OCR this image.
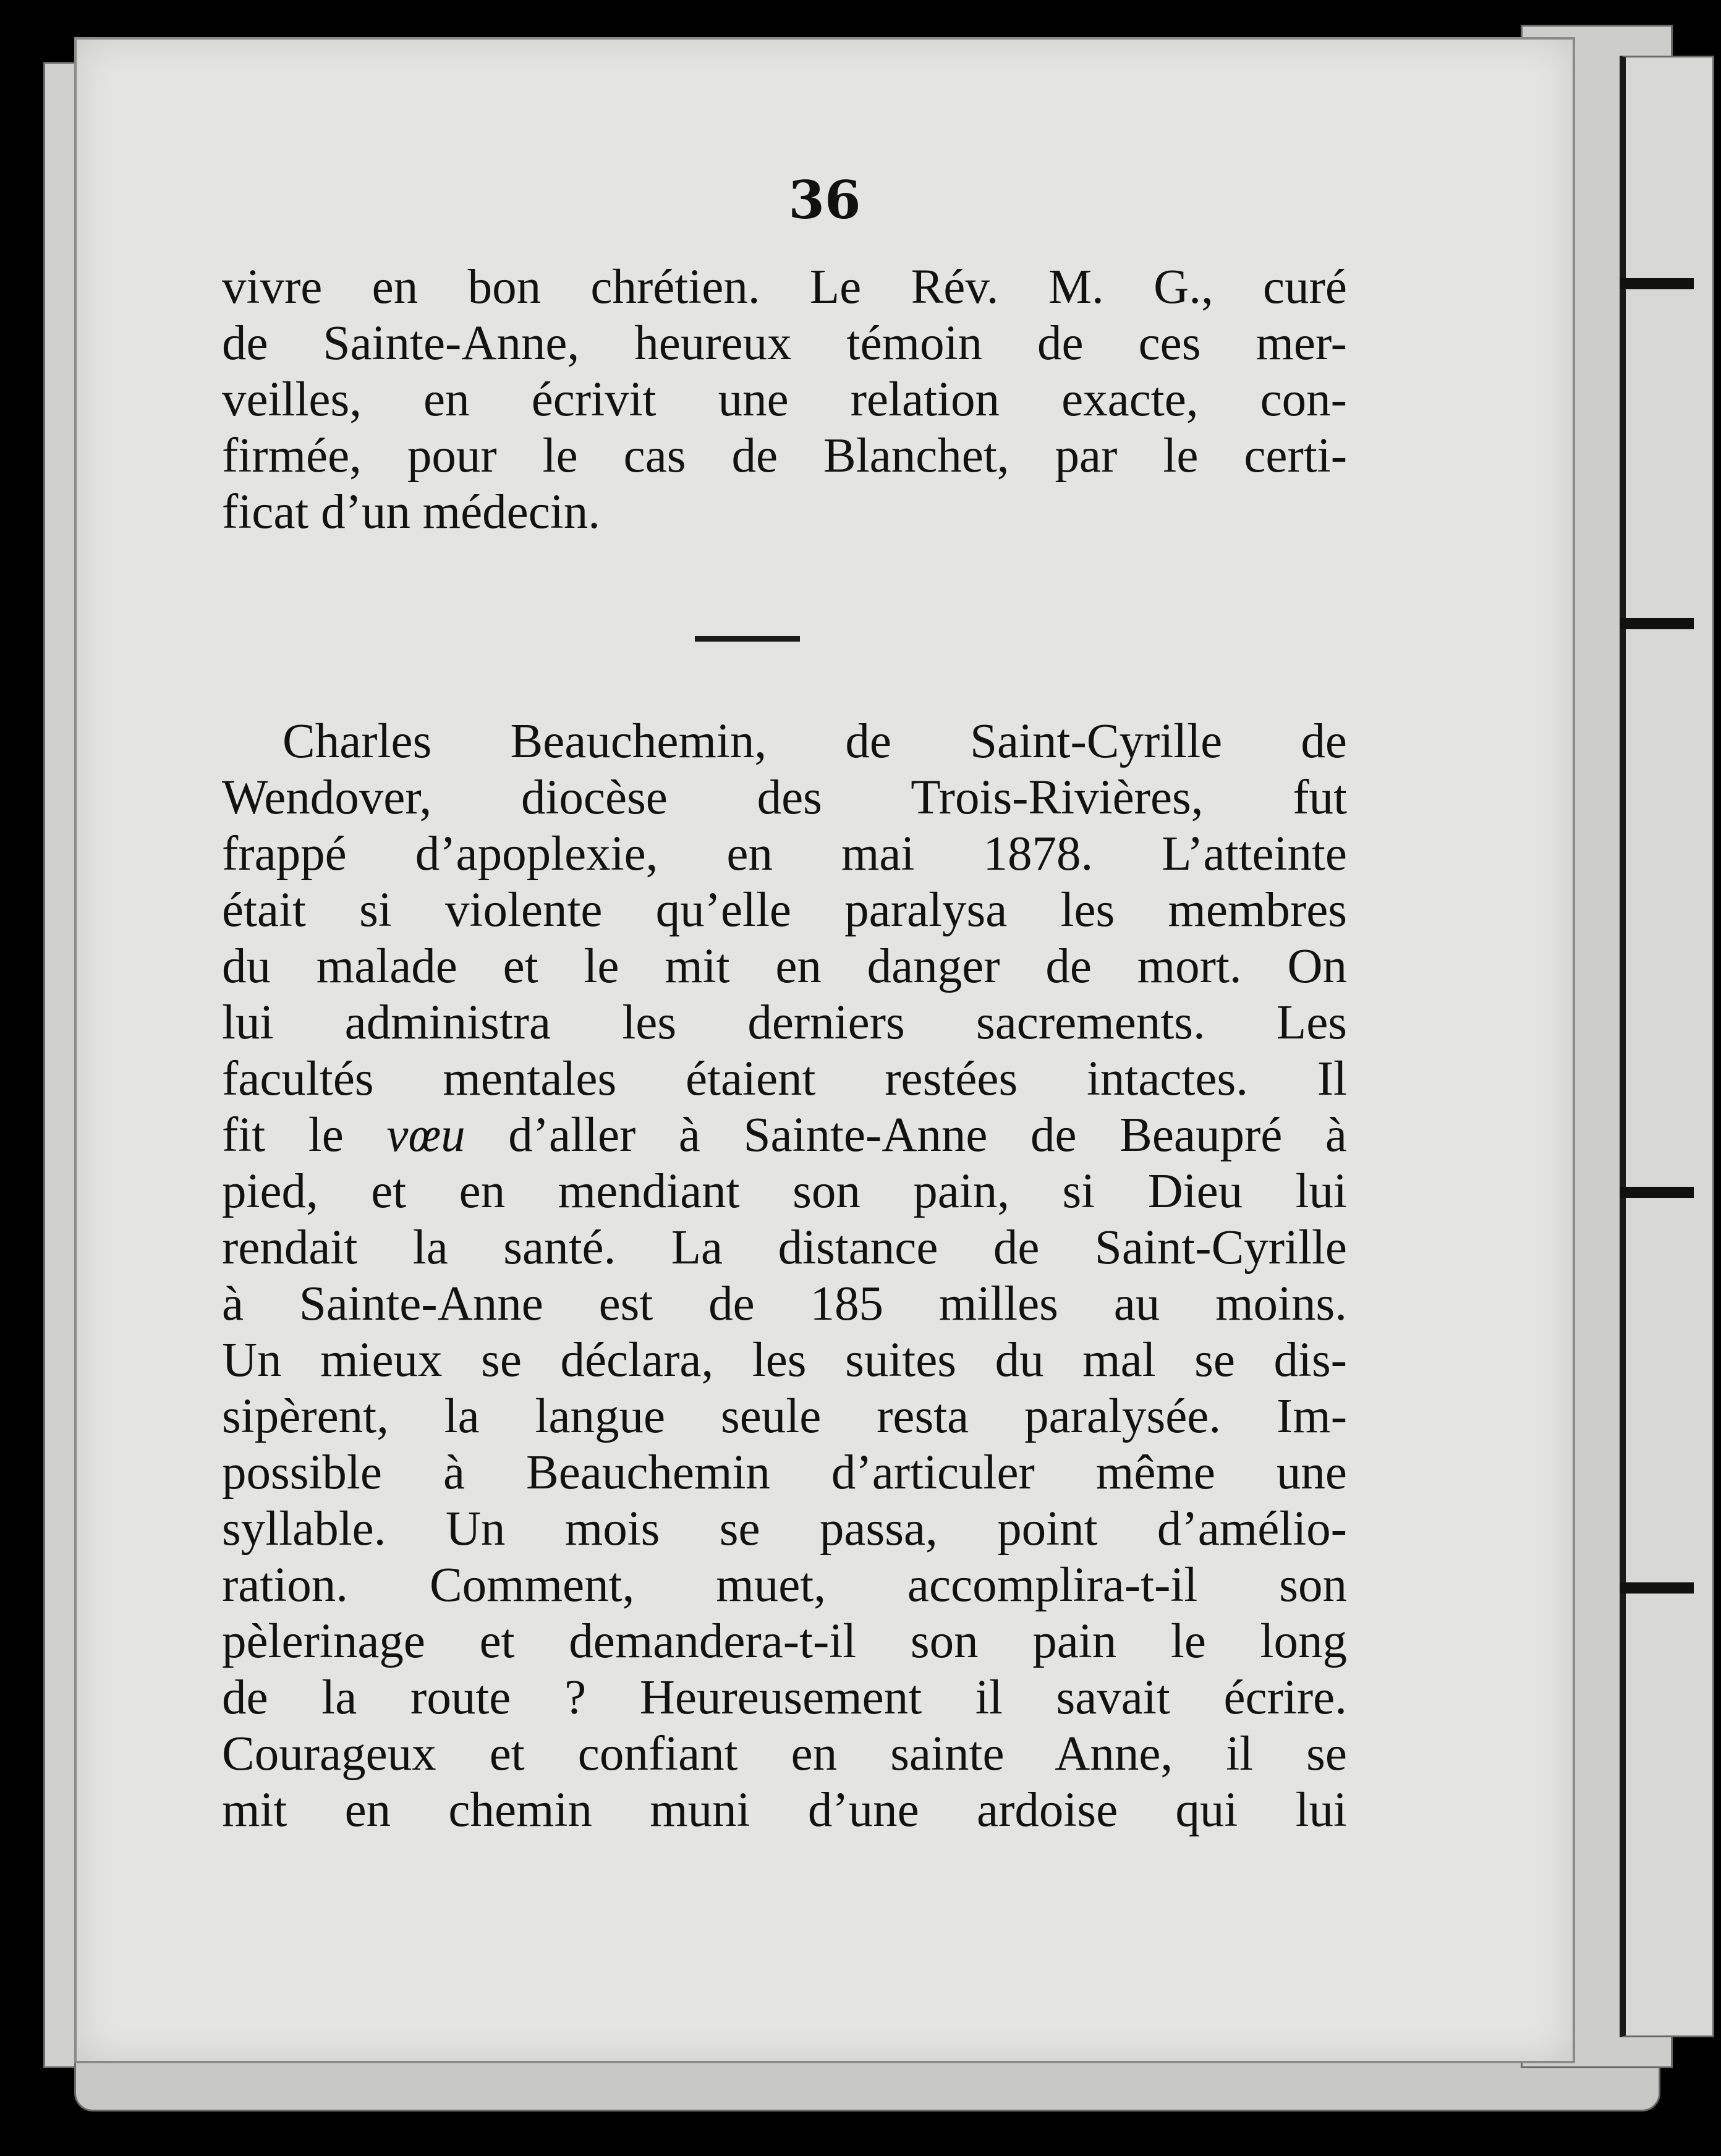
36
vivre en bon chrétien. Le Rév. M. G., curé
de Sainte-Anne, heureux témoin de ces mer-
veilles, en écrivit une relation exacte, con-
firmée, pour le cas de Blanchet, par le certi-
ficat d’un médecin.
Charles Beauchemin, de Saint-Cyrille de
Wendover, diocèse des Trois-Rivières, fut
frappé d’apoplexie, en mai 1878. L’atteinte
était si violente qu’elle paralysa les membres
du malade et le mit en danger de mort. On
lui administra les derniers sacrements. Les
facultés mentales étaient restées intactes. Il
fit le vœu d’aller à Sainte-Anne de Beaupré à
pied, et en mendiant son pain, si Dieu lui
rendait la santé. La distance de Saint-Cyrille
à Sainte-Anne est de 185 milles au moins.
Un mieux se déclara, les suites du mal se dis-
sipèrent, la langue seule resta paralysée. Im-
possible à Beauchemin d’articuler même une
syllable. Un mois se passa, point d’amélio-
ration. Comment, muet, accomplira-t-il son
pèlerinage et demandera-t-il son pain le long
de la route ? Heureusement il savait écrire.
Courageux et confiant en sainte Anne, il se
mit en chemin muni d’une ardoise qui lui
